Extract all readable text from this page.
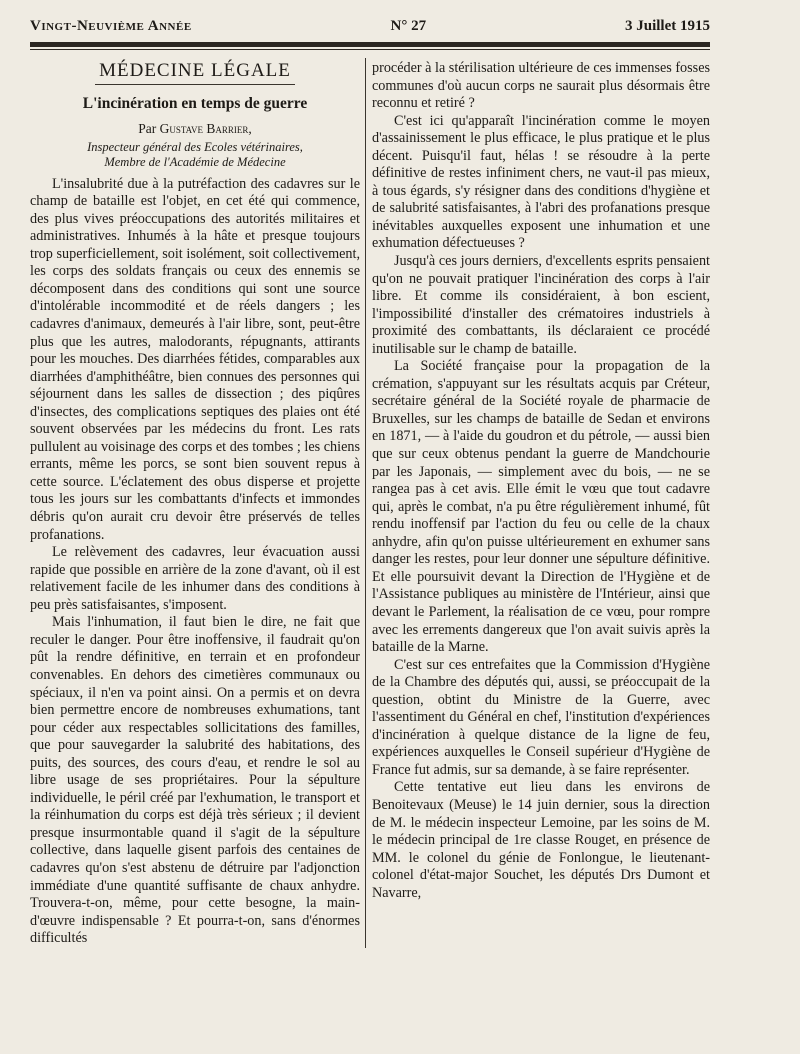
Vingt-Neuvième Année	N° 27	3 Juillet 1915
MÉDECINE LÉGALE
L'incinération en temps de guerre
Par Gustave Barrier,
Inspecteur général des Ecoles vétérinaires,
Membre de l'Académie de Médecine

L'insalubrité due à la putréfaction des cadavres sur le champ de bataille est l'objet, en cet été qui commence, des plus vives préoccupations des autorités militaires et administratives. Inhumés à la hâte et presque toujours trop superficiellement, soit isolément, soit collectivement, les corps des soldats français ou ceux des ennemis se décomposent dans des conditions qui sont une source d'intolérable incommodité et de réels dangers ; les cadavres d'animaux, demeurés à l'air libre, sont, peut-être plus que les autres, malodorants, répugnants, attirants pour les mouches. Des diarrhées fétides, comparables aux diarrhées d'amphithéâtre, bien connues des personnes qui séjournent dans les salles de dissection ; des piqûres d'insectes, des complications septiques des plaies ont été souvent observées par les médecins du front. Les rats pullulent au voisinage des corps et des tombes ; les chiens errants, même les porcs, se sont bien souvent repus à cette source. L'éclatement des obus disperse et projette tous les jours sur les combattants d'infects et immondes débris qu'on aurait cru devoir être préservés de telles profanations.

Le relèvement des cadavres, leur évacuation aussi rapide que possible en arrière de la zone d'avant, où il est relativement facile de les inhumer dans des conditions à peu près satisfaisantes, s'imposent.

Mais l'inhumation, il faut bien le dire, ne fait que reculer le danger. Pour être inoffensive, il faudrait qu'on pût la rendre définitive, en terrain et en profondeur convenables. En dehors des cimetières communaux ou spéciaux, il n'en va point ainsi. On a permis et on devra bien permettre encore de nombreuses exhumations, tant pour céder aux respectables sollicitations des familles, que pour sauvegarder la salubrité des habitations, des puits, des sources, des cours d'eau, et rendre le sol au libre usage de ses propriétaires. Pour la sépulture individuelle, le péril créé par l'exhumation, le transport et la réinhumation du corps est déjà très sérieux ; il devient presque insurmontable quand il s'agit de la sépulture collective, dans laquelle gisent parfois des centaines de cadavres qu'on s'est abstenu de détruire par l'adjonction immédiate d'une quantité suffisante de chaux anhydre. Trouvera-t-on, même, pour cette besogne, la main-d'œuvre indispensable ? Et pourra-t-on, sans d'énormes difficultés

procéder à la stérilisation ultérieure de ces immenses fosses communes d'où aucun corps ne saurait plus désormais être reconnu et retiré ?

C'est ici qu'apparaît l'incinération comme le moyen d'assainissement le plus efficace, le plus pratique et le plus décent. Puisqu'il faut, hélas ! se résoudre à la perte définitive de restes infiniment chers, ne vaut-il pas mieux, à tous égards, s'y résigner dans des conditions d'hygiène et de salubrité satisfaisantes, à l'abri des profanations presque inévitables auxquelles exposent une inhumation et une exhumation défectueuses ?

Jusqu'à ces jours derniers, d'excellents esprits pensaient qu'on ne pouvait pratiquer l'incinération des corps à l'air libre. Et comme ils considéraient, à bon escient, l'impossibilité d'installer des crématoires industriels à proximité des combattants, ils déclaraient ce procédé inutilisable sur le champ de bataille.

La Société française pour la propagation de la crémation, s'appuyant sur les résultats acquis par Créteur, secrétaire général de la Société royale de pharmacie de Bruxelles, sur les champs de bataille de Sedan et environs en 1871, — à l'aide du goudron et du pétrole, — aussi bien que sur ceux obtenus pendant la guerre de Mandchourie par les Japonais, — simplement avec du bois, — ne se rangea pas à cet avis. Elle émit le vœu que tout cadavre qui, après le combat, n'a pu être régulièrement inhumé, fût rendu inoffensif par l'action du feu ou celle de la chaux anhydre, afin qu'on puisse ultérieurement en exhumer sans danger les restes, pour leur donner une sépulture définitive. Et elle poursuivit devant la Direction de l'Hygiène et de l'Assistance publiques au ministère de l'Intérieur, ainsi que devant le Parlement, la réalisation de ce vœu, pour rompre avec les errements dangereux que l'on avait suivis après la bataille de la Marne.

C'est sur ces entrefaites que la Commission d'Hygiène de la Chambre des députés qui, aussi, se préoccupait de la question, obtint du Ministre de la Guerre, avec l'assentiment du Général en chef, l'institution d'expériences d'incinération à quelque distance de la ligne de feu, expériences auxquelles le Conseil supérieur d'Hygiène de France fut admis, sur sa demande, à se faire représenter.

Cette tentative eut lieu dans les environs de Benoitevaux (Meuse) le 14 juin dernier, sous la direction de M. le médecin inspecteur Lemoine, par les soins de M. le médecin principal de 1re classe Rouget, en présence de MM. le colonel du génie de Fonlongue, le lieutenant-colonel d'état-major Souchet, les députés Drs Dumont et Navarre,
